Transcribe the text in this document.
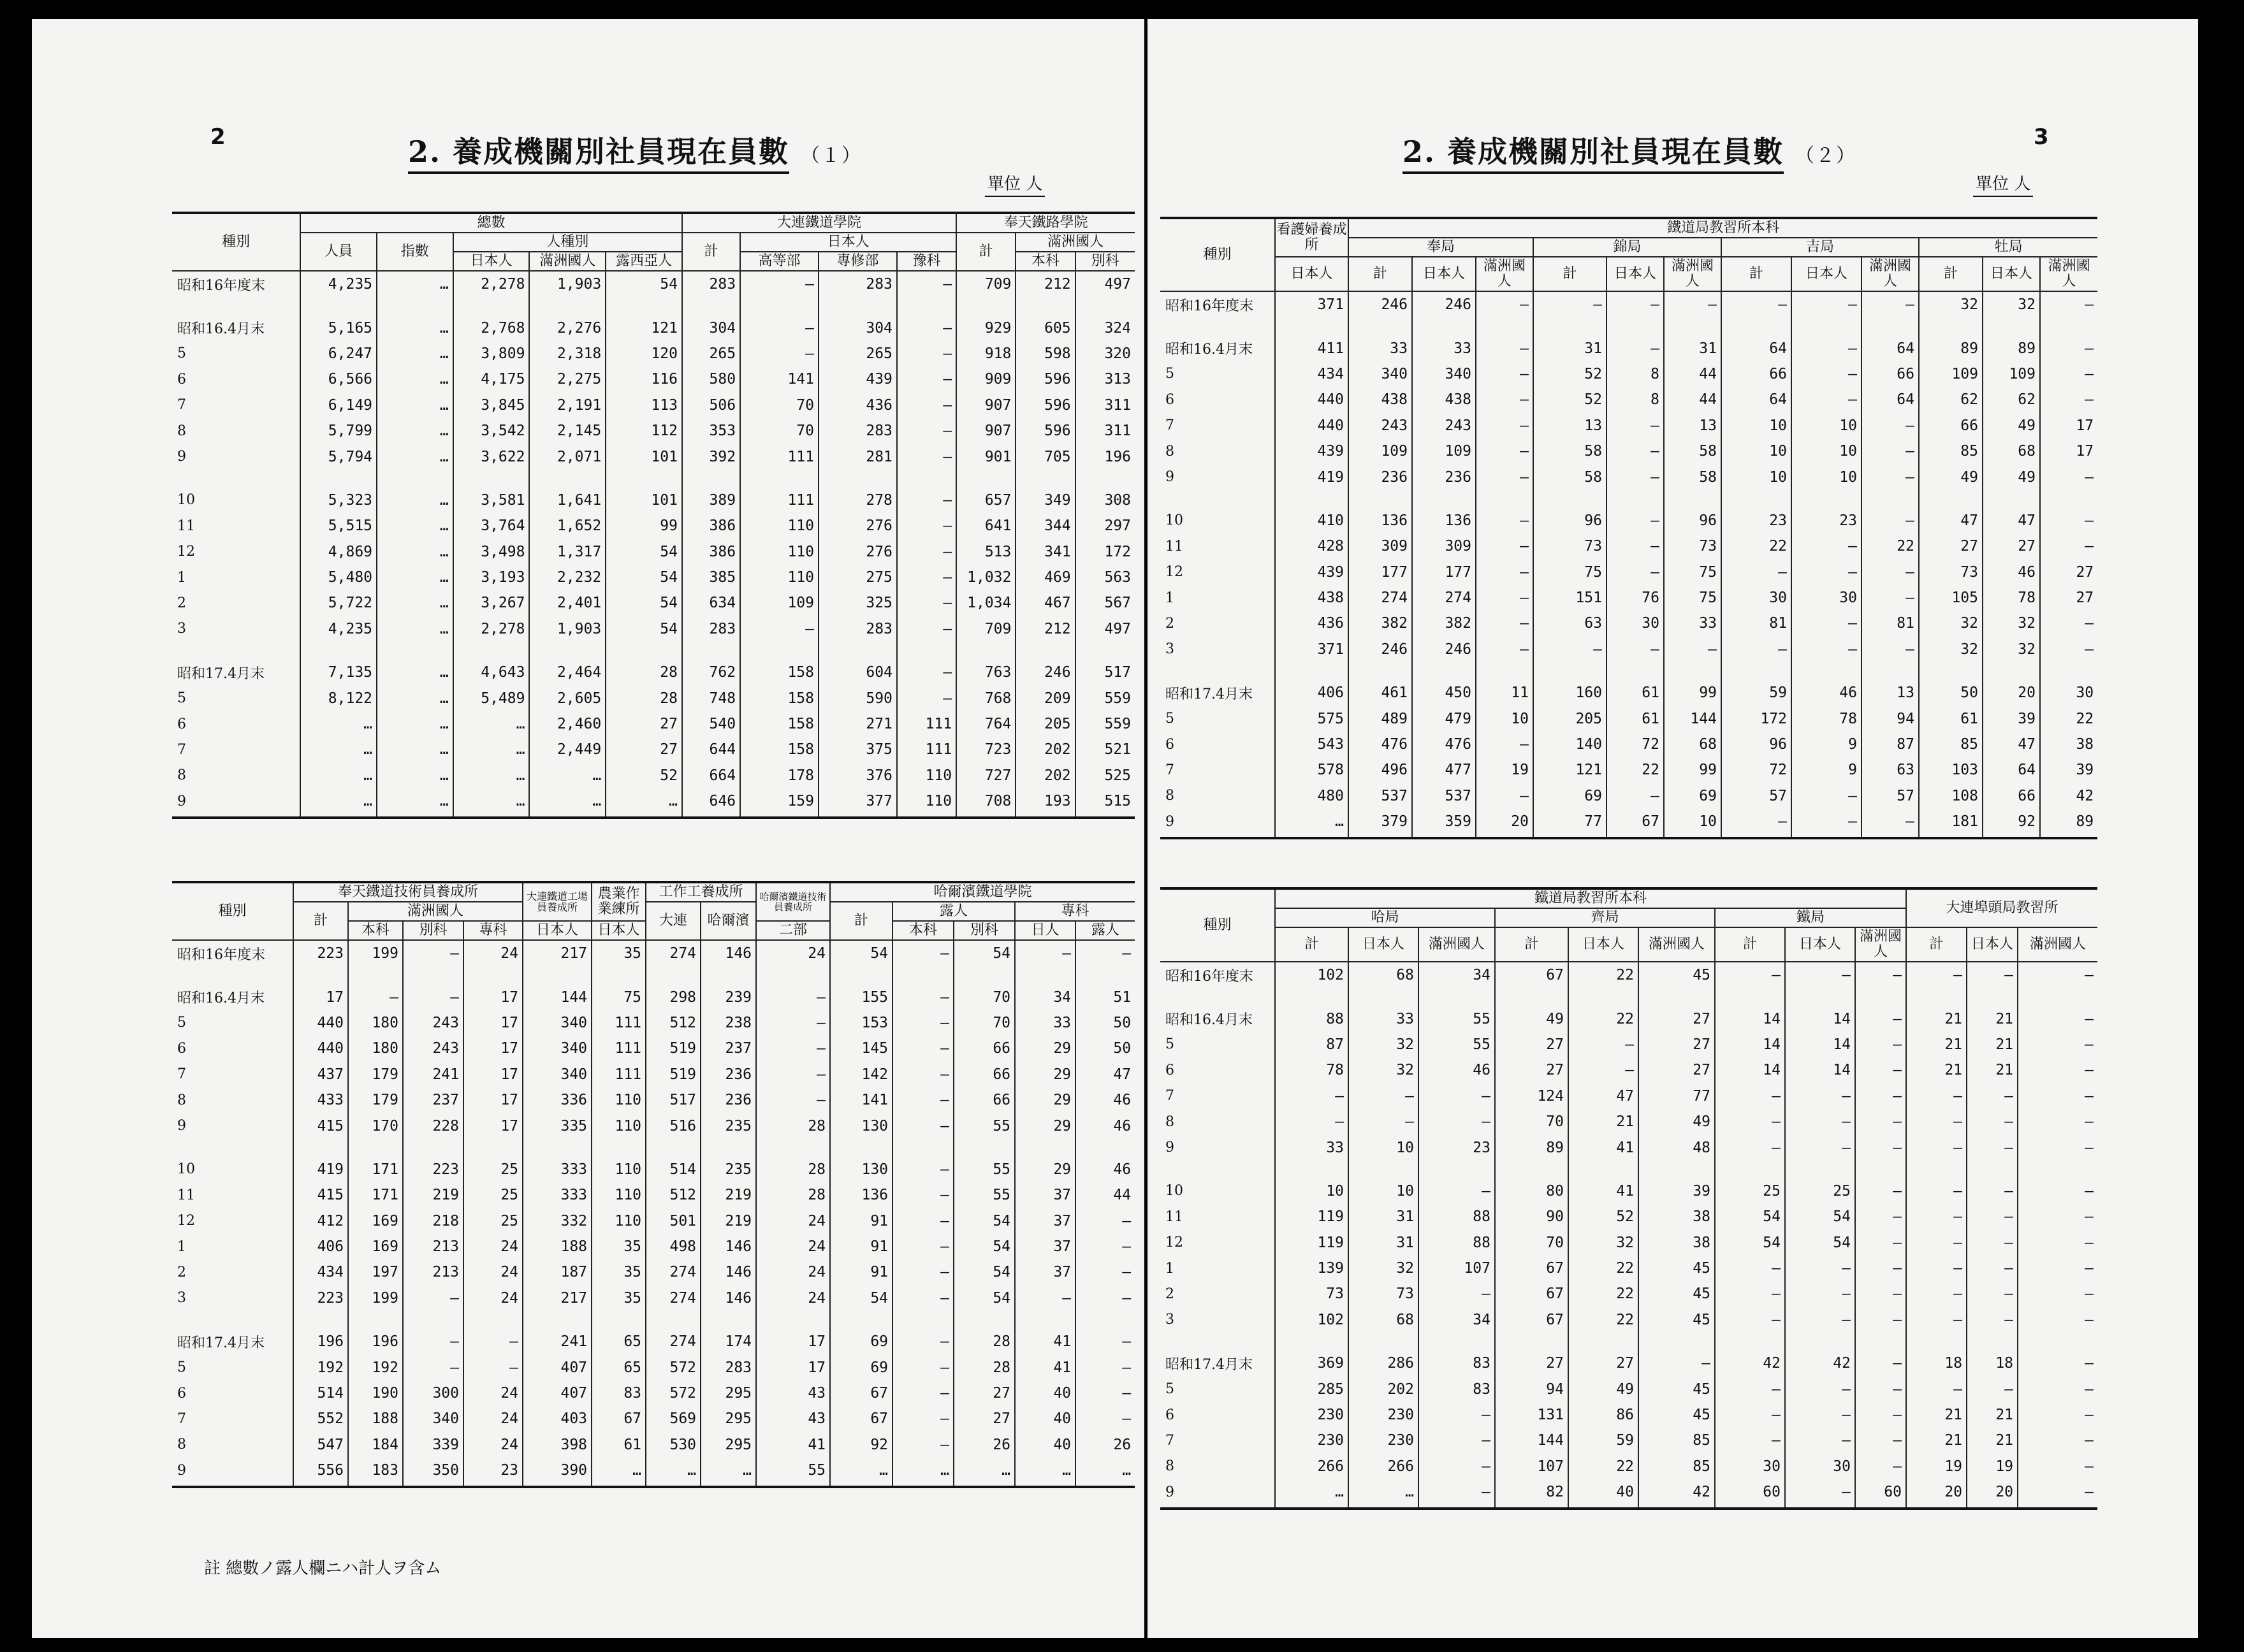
2	2. 養成機關別社員現在員數 （１）
單位 人
種別	總數					大連鐵道學院				奉天鐵路學院		
	人員	指數	人種別			計	日本人			計	滿洲國人	
			日本人	滿洲國人	露西亞人		高等部	專修部	豫科		本科	別科
昭和16年度末	4,235	…	2,278	1,903	54	283	—	283	—	709	212	497

昭和16.4月末	5,165	…	2,768	2,276	121	304	—	304	—	929	605	324
5	6,247	…	3,809	2,318	120	265	—	265	—	918	598	320
6	6,566	…	4,175	2,275	116	580	141	439	—	909	596	313
7	6,149	…	3,845	2,191	113	506	70	436	—	907	596	311
8	5,799	…	3,542	2,145	112	353	70	283	—	907	596	311
9	5,794	…	3,622	2,071	101	392	111	281	—	901	705	196

10	5,323	…	3,581	1,641	101	389	111	278	—	657	349	308
11	5,515	…	3,764	1,652	99	386	110	276	—	641	344	297
12	4,869	…	3,498	1,317	54	386	110	276	—	513	341	172
1	5,480	…	3,193	2,232	54	385	110	275	—	1,032	469	563
2	5,722	…	3,267	2,401	54	634	109	325	—	1,034	467	567
3	4,235	…	2,278	1,903	54	283	—	283	—	709	212	497

昭和17.4月末	7,135	…	4,643	2,464	28	762	158	604	—	763	246	517
5	8,122	…	5,489	2,605	28	748	158	590	—	768	209	559
6	…	…	…	2,460	27	540	158	271	111	764	205	559
7	…	…	…	2,449	27	644	158	375	111	723	202	521
8	…	…	…	…	52	664	178	376	110	727	202	525
9	…	…	…	…	…	646	159	377	110	708	193	515
種別	奉天鐵道技術員養成所				大連鐵道工場員養成所	農業作業練所	工作工養成所		哈爾濱鐵道技術員養成所	哈爾濱鐵道學院				
	計	滿洲國人					大連	哈爾濱		計	露人		專科	
		本科	別科	專科	日本人	日本人			二部		本科	別科	日人	露人
昭和16年度末	223	199	—	24	217	35	274	146	24	54	—	54	—	—

昭和16.4月末	17	—	—	17	144	75	298	239	—	155	—	70	34	51
5	440	180	243	17	340	111	512	238	—	153	—	70	33	50
6	440	180	243	17	340	111	519	237	—	145	—	66	29	50
7	437	179	241	17	340	111	519	236	—	142	—	66	29	47
8	433	179	237	17	336	110	517	236	—	141	—	66	29	46
9	415	170	228	17	335	110	516	235	28	130	—	55	29	46

10	419	171	223	25	333	110	514	235	28	130	—	55	29	46
11	415	171	219	25	333	110	512	219	28	136	—	55	37	44
12	412	169	218	25	332	110	501	219	24	91	—	54	37	—
1	406	169	213	24	188	35	498	146	24	91	—	54	37	—
2	434	197	213	24	187	35	274	146	24	91	—	54	37	—
3	223	199	—	24	217	35	274	146	24	54	—	54	—	—

昭和17.4月末	196	196	—	—	241	65	274	174	17	69	—	28	41	—
5	192	192	—	—	407	65	572	283	17	69	—	28	41	—
6	514	190	300	24	407	83	572	295	43	67	—	27	40	—
7	552	188	340	24	403	67	569	295	43	67	—	27	40	—
8	547	184	339	24	398	61	530	295	41	92	—	26	40	26
9	556	183	350	23	390	…	…	…	55	…	…	…	…	…
註 總數ノ露人欄ニハ計人ヲ含ム
3
2. 養成機關別社員現在員數 （２）
單位 人
種別	看護婦養成所	鐵道局教習所本科											
		奉局			錦局			吉局			牡局		
	日本人	計	日本人	滿洲國人	計	日本人	滿洲國人	計	日本人	滿洲國人	計	日本人	滿洲國人
昭和16年度末	371	246	246	—	—	—	—	—	—	—	32	32	—

昭和16.4月末	411	33	33	—	31	—	31	64	—	64	89	89	—
5	434	340	340	—	52	8	44	66	—	66	109	109	—
6	440	438	438	—	52	8	44	64	—	64	62	62	—
7	440	243	243	—	13	—	13	10	10	—	66	49	17
8	439	109	109	—	58	—	58	10	10	—	85	68	17
9	419	236	236	—	58	—	58	10	10	—	49	49	—

10	410	136	136	—	96	—	96	23	23	—	47	47	—
11	428	309	309	—	73	—	73	22	—	22	27	27	—
12	439	177	177	—	75	—	75	—	—	—	73	46	27
1	438	274	274	—	151	76	75	30	30	—	105	78	27
2	436	382	382	—	63	30	33	81	—	81	32	32	—
3	371	246	246	—	—	—	—	—	—	—	32	32	—

昭和17.4月末	406	461	450	11	160	61	99	59	46	13	50	20	30
5	575	489	479	10	205	61	144	172	78	94	61	39	22
6	543	476	476	—	140	72	68	96	9	87	85	47	38
7	578	496	477	19	121	22	99	72	9	63	103	64	39
8	480	537	537	—	69	—	69	57	—	57	108	66	42
9	…	379	359	20	77	67	10	—	—	—	181	92	89
種別	鐵道局教習所本科									大連埠頭局教習所		
	哈局			齊局			鐵局					
	計	日本人	滿洲國人	計	日本人	滿洲國人	計	日本人	滿洲國人	計	日本人	滿洲國人
昭和16年度末	102	68	34	67	22	45	—	—	—	—	—	—

昭和16.4月末	88	33	55	49	22	27	14	14	—	21	21	—
5	87	32	55	27	—	27	14	14	—	21	21	—
6	78	32	46	27	—	27	14	14	—	21	21	—
7	—	—	—	124	47	77	—	—	—	—	—	—
8	—	—	—	70	21	49	—	—	—	—	—	—
9	33	10	23	89	41	48	—	—	—	—	—	—

10	10	10	—	80	41	39	25	25	—	—	—	—
11	119	31	88	90	52	38	54	54	—	—	—	—
12	119	31	88	70	32	38	54	54	—	—	—	—
1	139	32	107	67	22	45	—	—	—	—	—	—
2	73	73	—	67	22	45	—	—	—	—	—	—
3	102	68	34	67	22	45	—	—	—	—	—	—

昭和17.4月末	369	286	83	27	27	—	42	42	—	18	18	—
5	285	202	83	94	49	45	—	—	—	—	—	—
6	230	230	—	131	86	45	—	—	—	21	21	—
7	230	230	—	144	59	85	—	—	—	21	21	—
8	266	266	—	107	22	85	30	30	—	19	19	—
9	…	…	—	82	40	42	60	—	60	20	20	—
